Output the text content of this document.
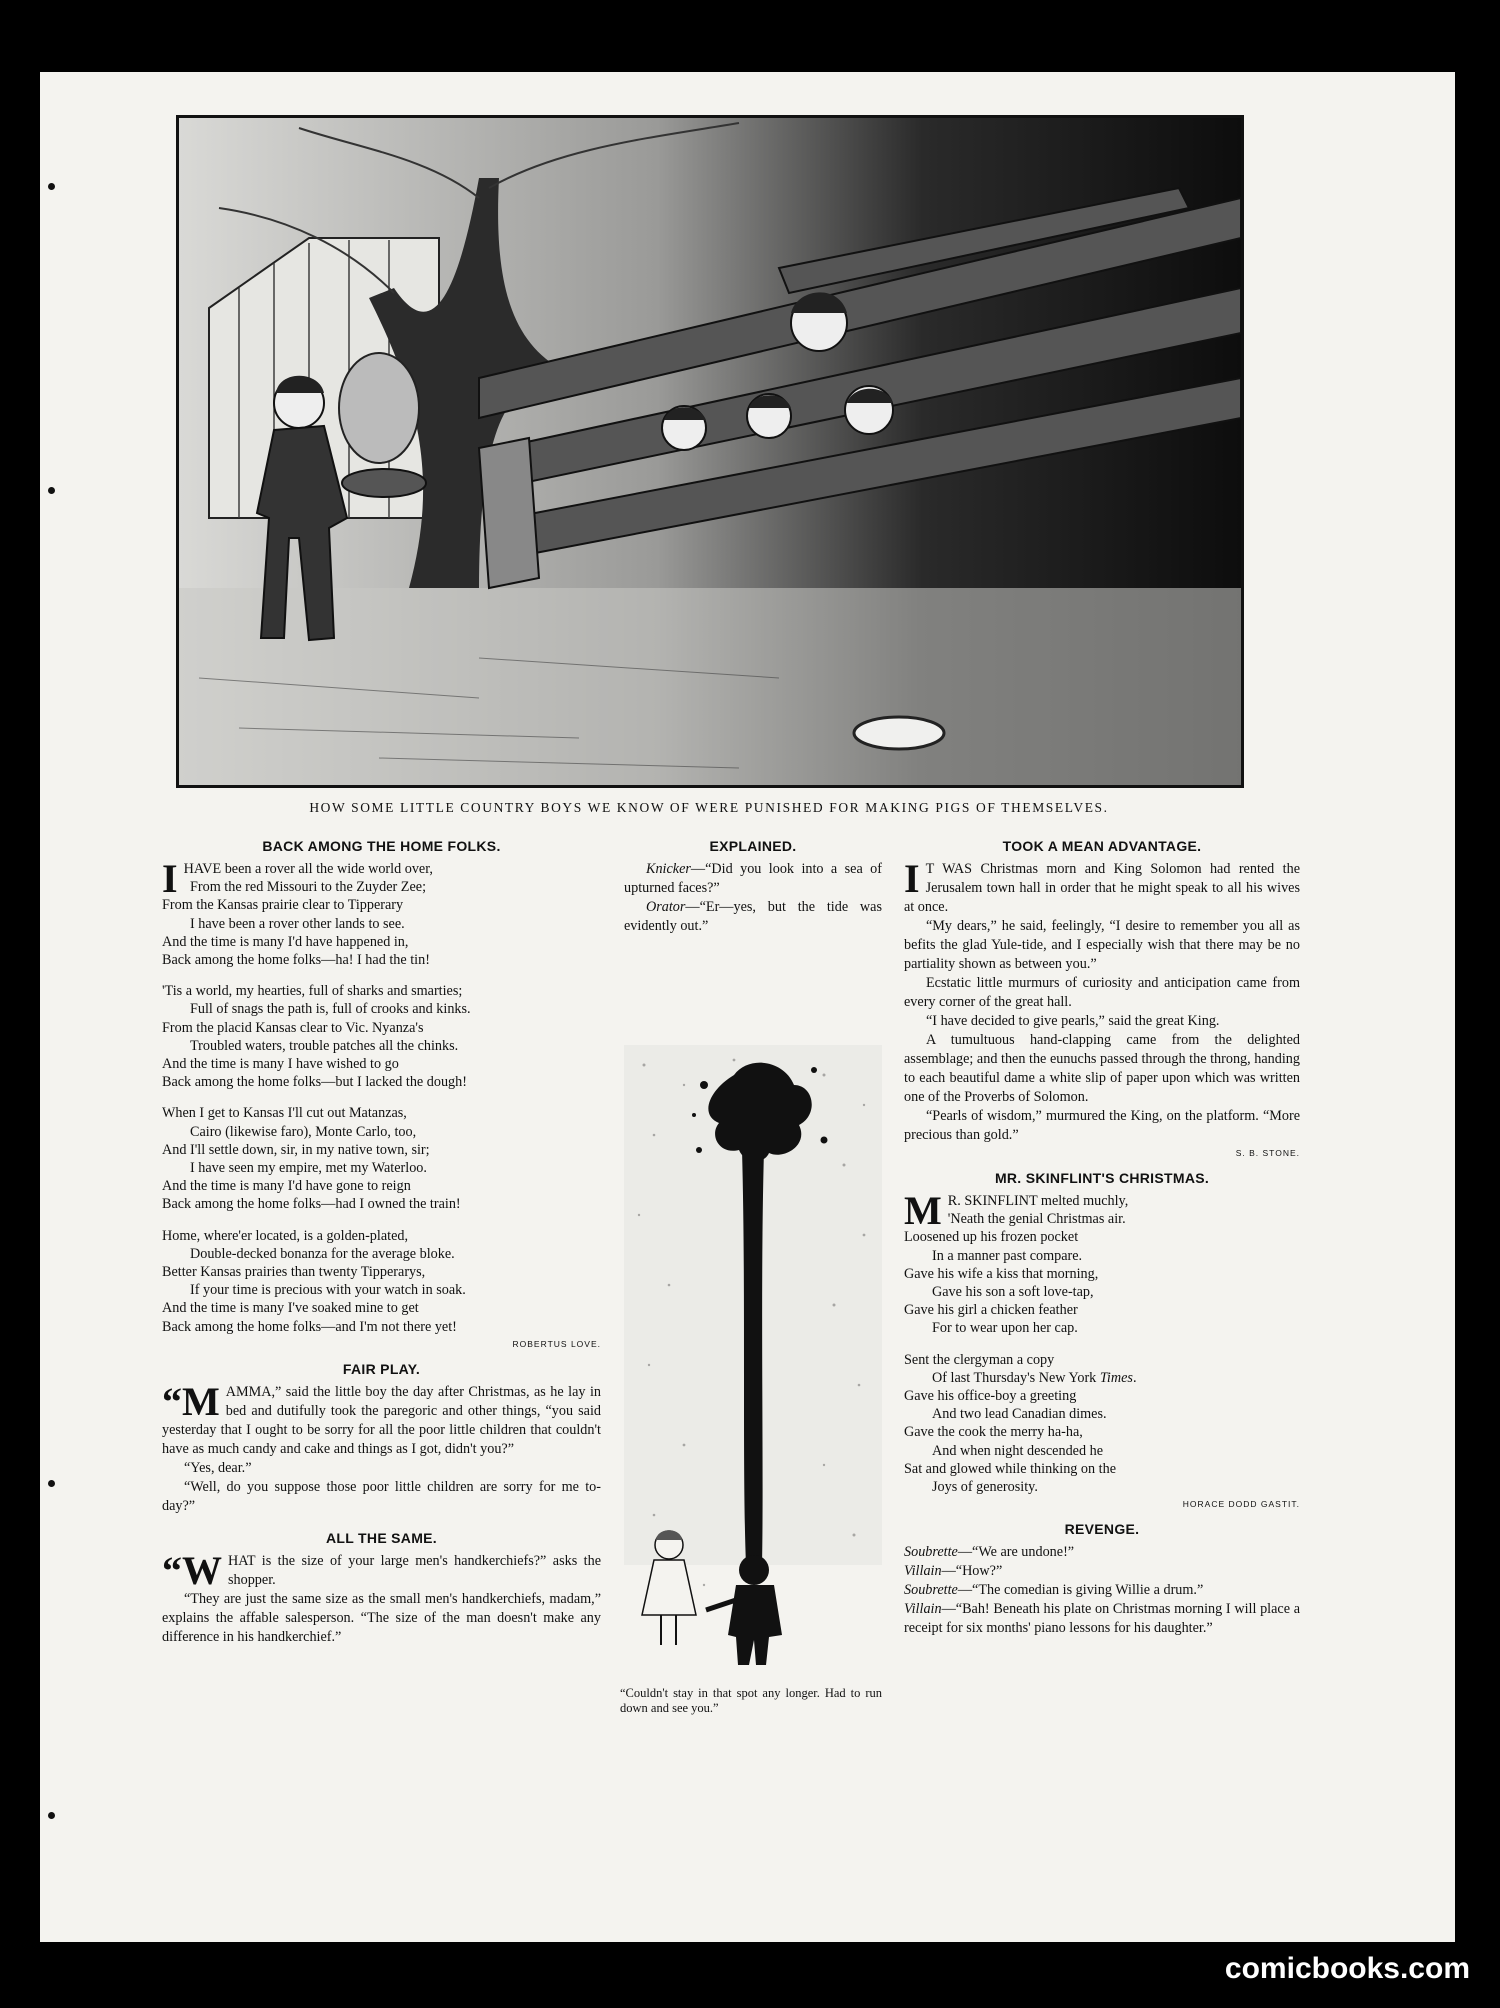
HOW SOME LITTLE COUNTRY BOYS WE KNOW OF WERE PUNISHED FOR MAKING PIGS OF THEMSELVES.
BACK AMONG THE HOME FOLKS.
I HAVE been a rover all the wide world over,
From the red Missouri to the Zuyder Zee;
From the Kansas prairie clear to Tipperary
I have been a rover other lands to see.
And the time is many I'd have happened in,
Back among the home folks—ha! I had the tin!
'Tis a world, my hearties, full of sharks and smarties;
Full of snags the path is, full of crooks and kinks.
From the placid Kansas clear to Vic. Nyanza's
Troubled waters, trouble patches all the chinks.
And the time is many I have wished to go
Back among the home folks—but I lacked the dough!
When I get to Kansas I'll cut out Matanzas,
Cairo (likewise faro), Monte Carlo, too,
And I'll settle down, sir, in my native town, sir;
I have seen my empire, met my Waterloo.
And the time is many I'd have gone to reign
Back among the home folks—had I owned the train!
Home, where'er located, is a golden-plated,
Double-decked bonanza for the average bloke.
Better Kansas prairies than twenty Tipperarys,
If your time is precious with your watch in soak.
And the time is many I've soaked mine to get
Back among the home folks—and I'm not there yet!
ROBERTUS LOVE.
FAIR PLAY.

“MAMMA,” said the little boy the day after Christmas, as he lay in bed and dutifully took the paregoric and other things, “you said yesterday that I ought to be sorry for all the poor little children that couldn't have as much candy and cake and things as I got, didn't you?”

“Yes, dear.”

“Well, do you suppose those poor little children are sorry for me to-day?”

ALL THE SAME.

“WHAT is the size of your large men's handkerchiefs?” asks the shopper.

“They are just the same size as the small men's handkerchiefs, madam,” explains the affable salesperson. “The size of the man doesn't make any difference in his handkerchief.”

EXPLAINED.

Knicker—“Did you look into a sea of upturned faces?”

Orator—“Er—yes, but the tide was evidently out.”

“Couldn't stay in that spot any longer. Had to run down and see you.”
TOOK A MEAN ADVANTAGE.

I T WAS Christmas morn and King Solomon had rented the Jerusalem town hall in order that he might speak to all his wives at once.

“My dears,” he said, feelingly, “I desire to remember you all as befits the glad Yule-tide, and I especially wish that there may be no partiality shown as between you.”

Ecstatic little murmurs of curiosity and anticipation came from every corner of the great hall.

“I have decided to give pearls,” said the great King.

A tumultuous hand-clapping came from the delighted assemblage; and then the eunuchs passed through the throng, handing to each beautiful dame a white slip of paper upon which was written one of the Proverbs of Solomon.

“Pearls of wisdom,” murmured the King, on the platform. “More precious than gold.”

S. B. STONE.
MR. SKINFLINT'S CHRISTMAS.
M R. SKINFLINT melted muchly,
'Neath the genial Christmas air.
Loosened up his frozen pocket
In a manner past compare.
Gave his wife a kiss that morning,
Gave his son a soft love-tap,
Gave his girl a chicken feather
For to wear upon her cap.
Sent the clergyman a copy
Of last Thursday's New York Times.
Gave his office-boy a greeting
And two lead Canadian dimes.
Gave the cook the merry ha-ha,
And when night descended he
Sat and glowed while thinking on the
Joys of generosity.
HORACE DODD GASTIT.
REVENGE.

Soubrette—“We are undone!”

Villain—“How?”

Soubrette—“The comedian is giving Willie a drum.”

Villain—“Bah! Beneath his plate on Christmas morning I will place a receipt for six months' piano lessons for his daughter.”

comicbooks.com
